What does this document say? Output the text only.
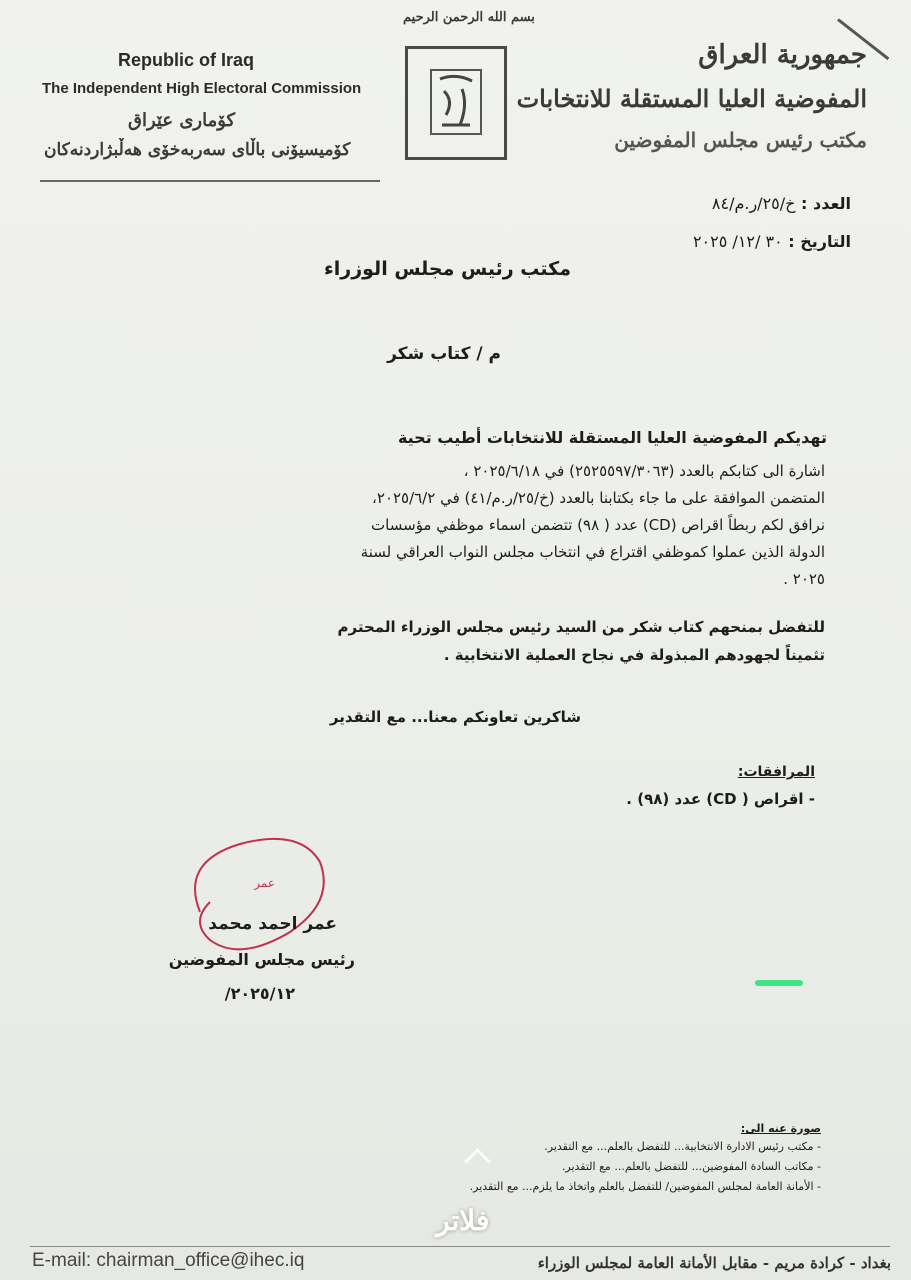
Republic of Iraq
The Independent High Electoral Commission
کۆماری عێراق
کۆمیسیۆنی باڵای سەربەخۆی هەڵبژاردنەکان
بسم الله الرحمن الرحيم
جمهورية العراق
المفوضية العليا المستقلة للانتخابات
مكتب رئيس مجلس المفوضين
العدد : خ/٢٥/ر.م/٨٤
التاريخ : ٣٠ /١٢/ ٢٠٢٥
مكتب رئيس مجلس الوزراء
م / كتاب شكر
تهديكم المفوضية العليا المستقلة للانتخابات أطيب تحية
اشارة الى كتابكم بالعدد (٢٥٢٥٥٩٧/٣٠٦٣) في ٢٠٢٥/٦/١٨ ،
المتضمن الموافقة على ما جاء بكتابنا بالعدد (خ/٢٥/ر.م/٤١) في ٢٠٢٥/٦/٢،
نرافق لكم ربطاً اقراص (CD) عدد ( ٩٨) تتضمن اسماء موظفي مؤسسات
الدولة الذين عملوا كموظفي اقتراع في انتخاب مجلس النواب العراقي لسنة
٢٠٢٥ .
للتفضل بمنحهم كتاب شكر من السيد رئيس مجلس الوزراء المحترم
تثميناً لجهودهم المبذولة في نجاح العملية الانتخابية .
شاكرين تعاونكم معنا... مع التقدير
المرافقات:
- اقراص ( CD) عدد (٩٨) .
عمر
عمر احمد محمد
رئيس مجلس المفوضين
٢٠٢٥/١٢/
صورة عنه الى:
- مكتب رئيس الادارة الانتخابية... للتفضل بالعلم... مع التقدير.
- مكاتب السادة المفوضين... للتفضل بالعلم... مع التقدير.
- الأمانة العامة لمجلس المفوضين/ للتفضل بالعلم واتخاذ ما يلزم... مع التقدير.
فلاتر
E-mail: chairman_office@ihec.iq	بغداد - كرادة مريم - مقابل الأمانة العامة لمجلس الوزراء
